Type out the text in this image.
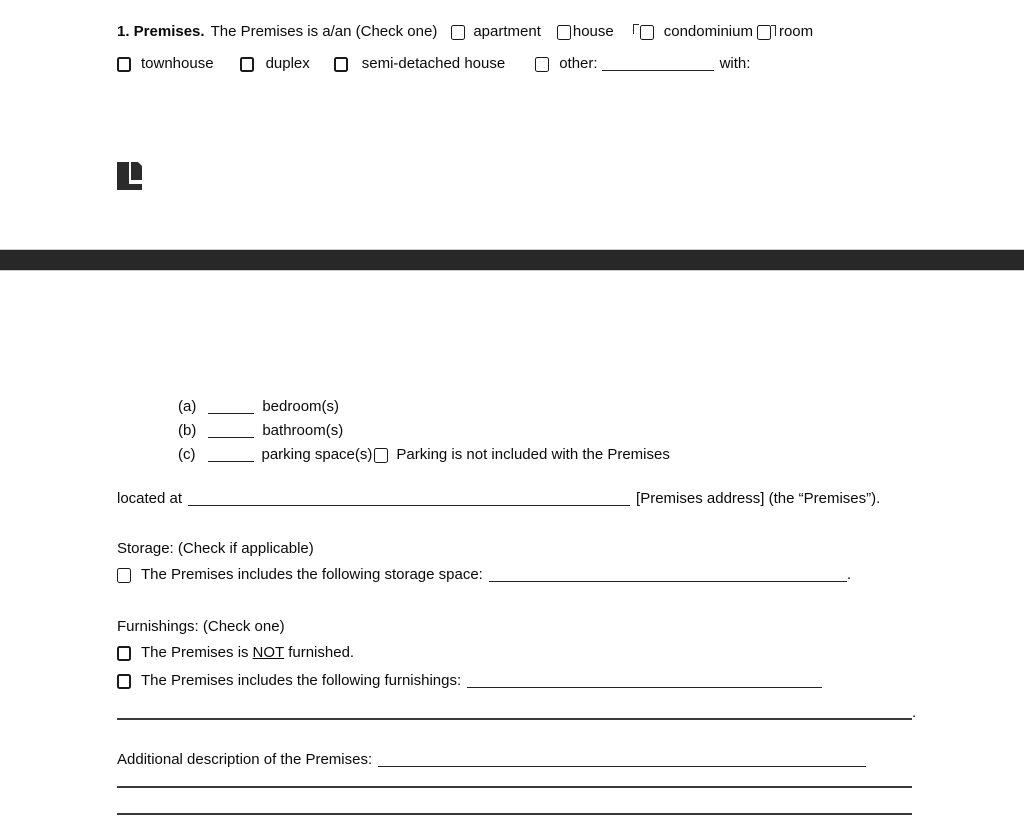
1. Premises. The Premises is a/an (Check one) apartment house	condominium room
townhouse	duplex	semi-detached house	other:	with:
(a)	bedroom(s)
(b)	bathroom(s)
(c)	parking space(s) Parking is not included with the Premises
located at	[Premises address] (the “Premises”).
Storage: (Check if applicable)
The Premises includes the following storage space:	.
Furnishings: (Check one)
The Premises is NOT furnished.
The Premises includes the following furnishings:
.
Additional description of the Premises:
